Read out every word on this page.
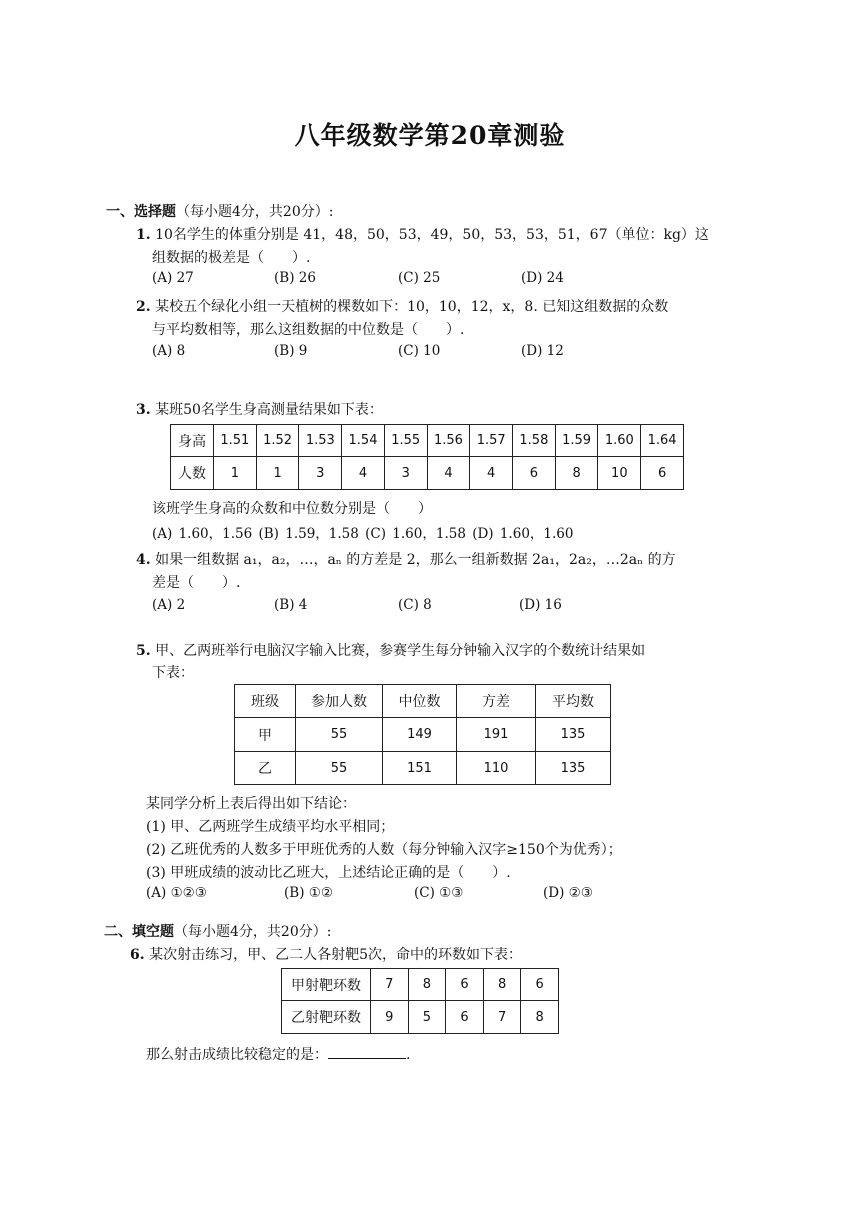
八年级数学第20章测验
一、选择题（每小题4分，共20分）:
1. 10名学生的体重分别是 41，48，50，53，49，50，53，53，51，67（单位：kg）这
组数据的极差是（　　）.
(A) 27	(B) 26	(C) 25	(D) 24
2. 某校五个绿化小组一天植树的棵数如下：10，10，12，x，8. 已知这组数据的众数
与平均数相等，那么这组数据的中位数是（　　）.
(A) 8	(B) 9	(C) 10	(D) 12
3. 某班50名学生身高测量结果如下表：
身高	1.51	1.52	1.53	1.54	1.55	1.56	1.57	1.58	1.59	1.60	1.64
人数	1	1	3	4	3	4	4	6	8	10	6
该班学生身高的众数和中位数分别是（　　）
(A) 1.60，1.56 (B) 1.59，1.58 (C) 1.60，1.58 (D) 1.60，1.60
4. 如果一组数据 a₁，a₂，…，aₙ 的方差是 2，那么一组新数据 2a₁，2a₂，…2aₙ 的方
差是（　　）.
(A) 2	(B) 4	(C) 8	(D) 16
5. 甲、乙两班举行电脑汉字输入比赛，参赛学生每分钟输入汉字的个数统计结果如
下表：
班级	参加人数	中位数	方差	平均数
甲	55	149	191	135
乙	55	151	110	135
某同学分析上表后得出如下结论：
(1) 甲、乙两班学生成绩平均水平相同；
(2) 乙班优秀的人数多于甲班优秀的人数（每分钟输入汉字≥150个为优秀）；
(3) 甲班成绩的波动比乙班大，上述结论正确的是（　　）.
(A) ①②③	(B) ①②	(C) ①③	(D) ②③
二、填空题（每小题4分，共20分）:
6. 某次射击练习，甲、乙二人各射靶5次，命中的环数如下表：
甲射靶环数	7	8	6	8	6
乙射靶环数	9	5	6	7	8
那么射击成绩比较稳定的是：	.
